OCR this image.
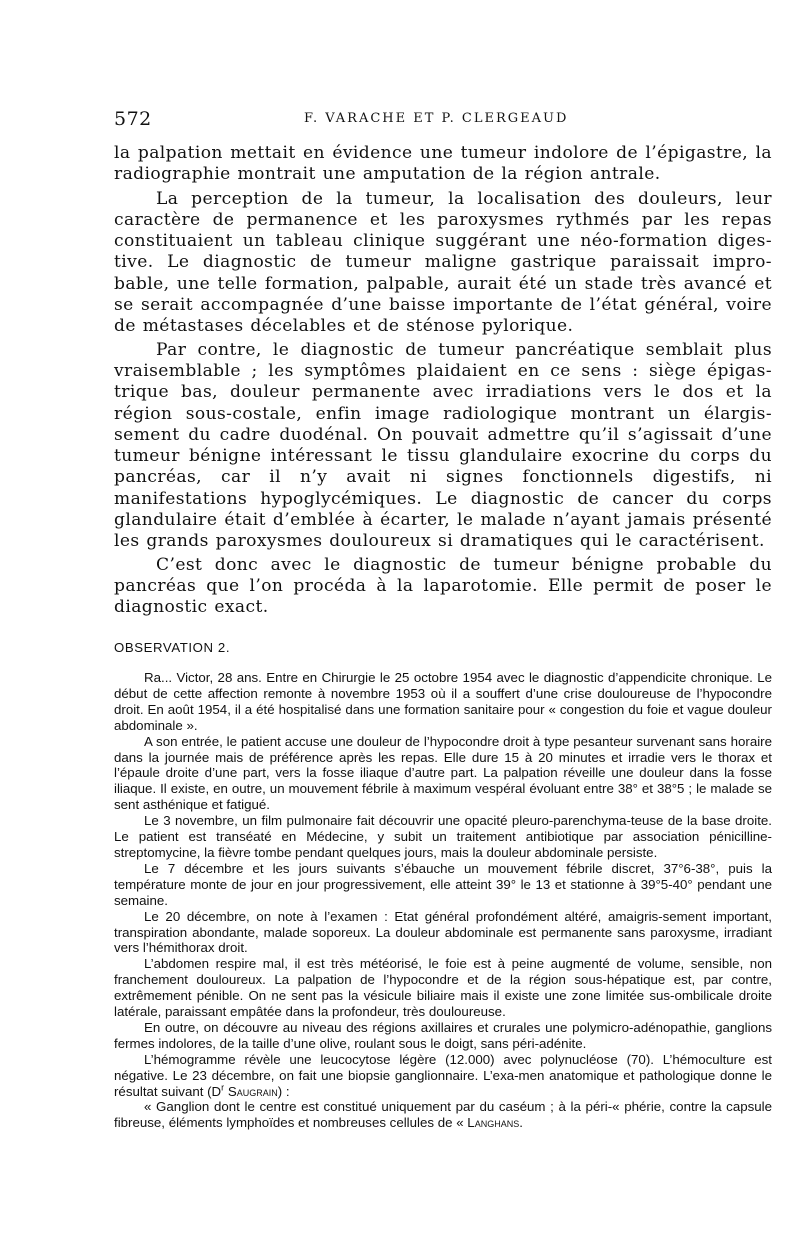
572	F. VARACHE ET P. CLERGEAUD

la palpation mettait en évidence une tumeur indolore de l’épigastre, la radiographie montrait une amputation de la région antrale.

La perception de la tumeur, la localisation des douleurs, leur caractère de permanence et les paroxysmes rythmés par les repas constituaient un tableau clinique suggérant une néo-formation diges-tive. Le diagnostic de tumeur maligne gastrique paraissait impro-bable, une telle formation, palpable, aurait été un stade très avancé et se serait accompagnée d’une baisse importante de l’état général, voire de métastases décelables et de sténose pylorique.

Par contre, le diagnostic de tumeur pancréatique semblait plus vraisemblable ; les symptômes plaidaient en ce sens : siège épigas-trique bas, douleur permanente avec irradiations vers le dos et la région sous-costale, enfin image radiologique montrant un élargis-sement du cadre duodénal. On pouvait admettre qu’il s’agissait d’une tumeur bénigne intéressant le tissu glandulaire exocrine du corps du pancréas, car il n’y avait ni signes fonctionnels digestifs, ni manifestations hypoglycémiques. Le diagnostic de cancer du corps glandulaire était d’emblée à écarter, le malade n’ayant jamais présenté les grands paroxysmes douloureux si dramatiques qui le caractérisent.

C’est donc avec le diagnostic de tumeur bénigne probable du pancréas que l’on procéda à la laparotomie. Elle permit de poser le diagnostic exact.

OBSERVATION 2.

Ra... Victor, 28 ans. Entre en Chirurgie le 25 octobre 1954 avec le diagnostic d’appendicite chronique. Le début de cette affection remonte à novembre 1953 où il a souffert d’une crise douloureuse de l’hypocondre droit. En août 1954, il a été hospitalisé dans une formation sanitaire pour « congestion du foie et vague douleur abdominale ».

A son entrée, le patient accuse une douleur de l’hypocondre droit à type pesanteur survenant sans horaire dans la journée mais de préférence après les repas. Elle dure 15 à 20 minutes et irradie vers le thorax et l’épaule droite d’une part, vers la fosse iliaque d’autre part. La palpation réveille une douleur dans la fosse iliaque. Il existe, en outre, un mouvement fébrile à maximum vespéral évoluant entre 38° et 38°5 ; le malade se sent asthénique et fatigué.

Le 3 novembre, un film pulmonaire fait découvrir une opacité pleuro-parenchyma-teuse de la base droite. Le patient est transéaté en Médecine, y subit un traitement antibiotique par association pénicilline-streptomycine, la fièvre tombe pendant quelques jours, mais la douleur abdominale persiste.

Le 7 décembre et les jours suivants s’ébauche un mouvement fébrile discret, 37°6-38°, puis la température monte de jour en jour progressivement, elle atteint 39° le 13 et stationne à 39°5-40° pendant une semaine.

Le 20 décembre, on note à l’examen : Etat général profondément altéré, amaigris-sement important, transpiration abondante, malade soporeux. La douleur abdominale est permanente sans paroxysme, irradiant vers l’hémithorax droit.

L’abdomen respire mal, il est très météorisé, le foie est à peine augmenté de volume, sensible, non franchement douloureux. La palpation de l’hypocondre et de la région sous-hépatique est, par contre, extrêmement pénible. On ne sent pas la vésicule biliaire mais il existe une zone limitée sus-ombilicale droite latérale, paraissant empâtée dans la profondeur, très douloureuse.

En outre, on découvre au niveau des régions axillaires et crurales une polymicro-adénopathie, ganglions fermes indolores, de la taille d’une olive, roulant sous le doigt, sans péri-adénite.

L’hémogramme révèle une leucocytose légère (12.000) avec polynucléose (70). L’hémoculture est négative. Le 23 décembre, on fait une biopsie ganglionnaire. L’exa-men anatomique et pathologique donne le résultat suivant ($D^r$ Saugrain) :

« Ganglion dont le centre est constitué uniquement par du caséum ; à la péri-« phérie, contre la capsule fibreuse, éléments lymphoïdes et nombreuses cellules de « Langhans.
